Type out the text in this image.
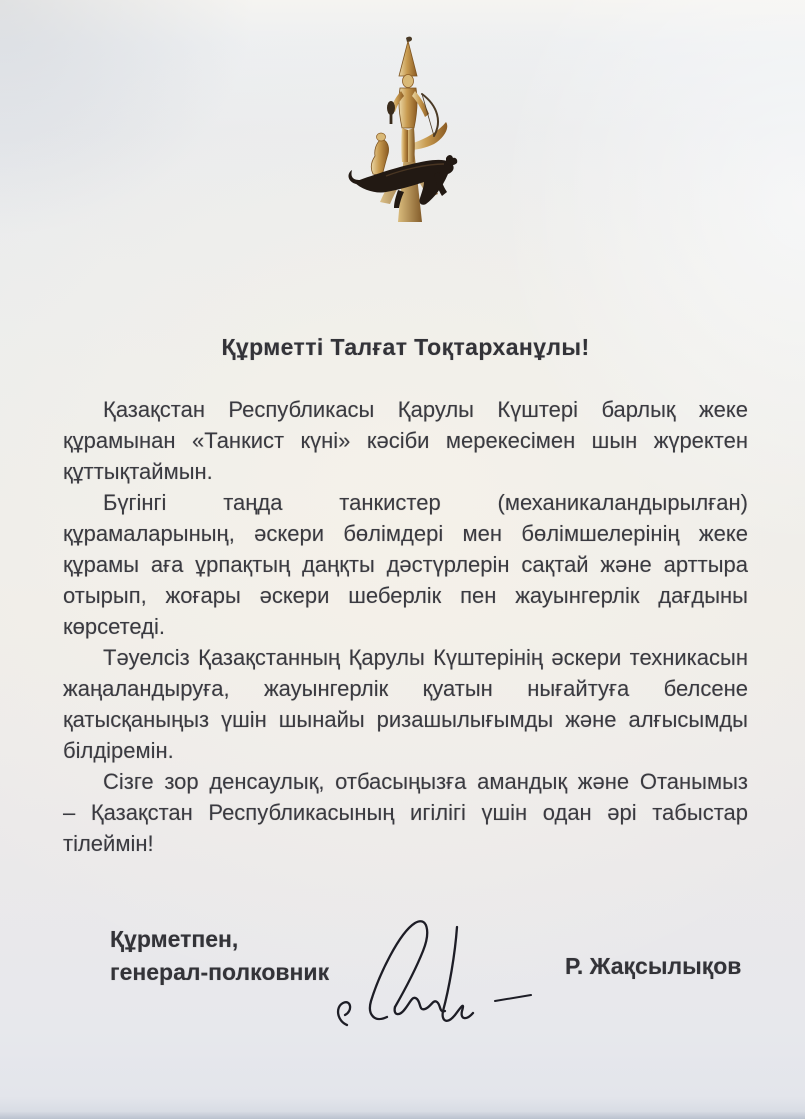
Құрметті Талғат Тоқтарханұлы!

Қазақстан Республикасы Қарулы Күштері барлық жеке құрамынан «Танкист күні» кәсіби мерекесімен шын жүректен құттықтаймын.

Бүгінгі таңда танкистер (механикаландырылған) құрамаларының, әскери бөлімдері мен бөлімшелерінің жеке құрамы аға ұрпақтың даңқты дәстүрлерін сақтай және арттыра отырып, жоғары әскери шеберлік пен жауынгерлік дағдыны көрсетеді.

Тәуелсіз Қазақстанның Қарулы Күштерінің әскери техникасын жаңаландыруға, жауынгерлік қуатын нығайтуға белсене қатысқаныңыз үшін шынайы ризашылығымды және алғысымды білдіремін.

Сізге зор денсаулық, отбасыңызға амандық және Отанымыз – Қазақстан Республикасының игілігі үшін одан әрі табыстар тілеймін!

Құрметпен,
генерал-полковник	Р. Жақсылықов
